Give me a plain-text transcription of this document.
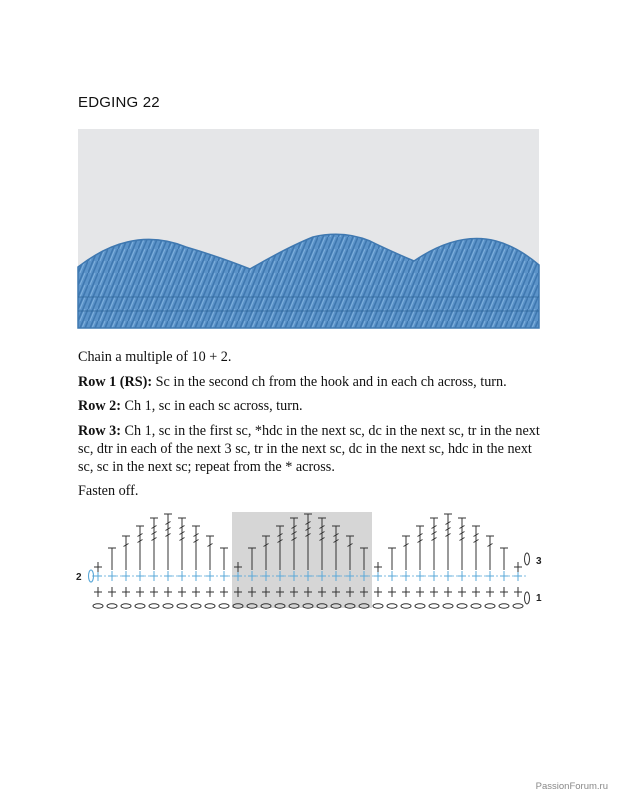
EDGING 22

Chain a multiple of 10 + 2.

Row 1 (RS): Sc in the second ch from the hook and in each ch across, turn.

Row 2: Ch 1, sc in each sc across, turn.

Row 3: Ch 1, sc in the first sc, *hdc in the next sc, dc in the next sc, tr in the next sc, dtr in each of the next 3 sc, tr in the next sc, dc in the next sc, hdc in the next sc, sc in the next sc; repeat from the * across.

Fasten off.

2
3
1
PassionForum.ru
